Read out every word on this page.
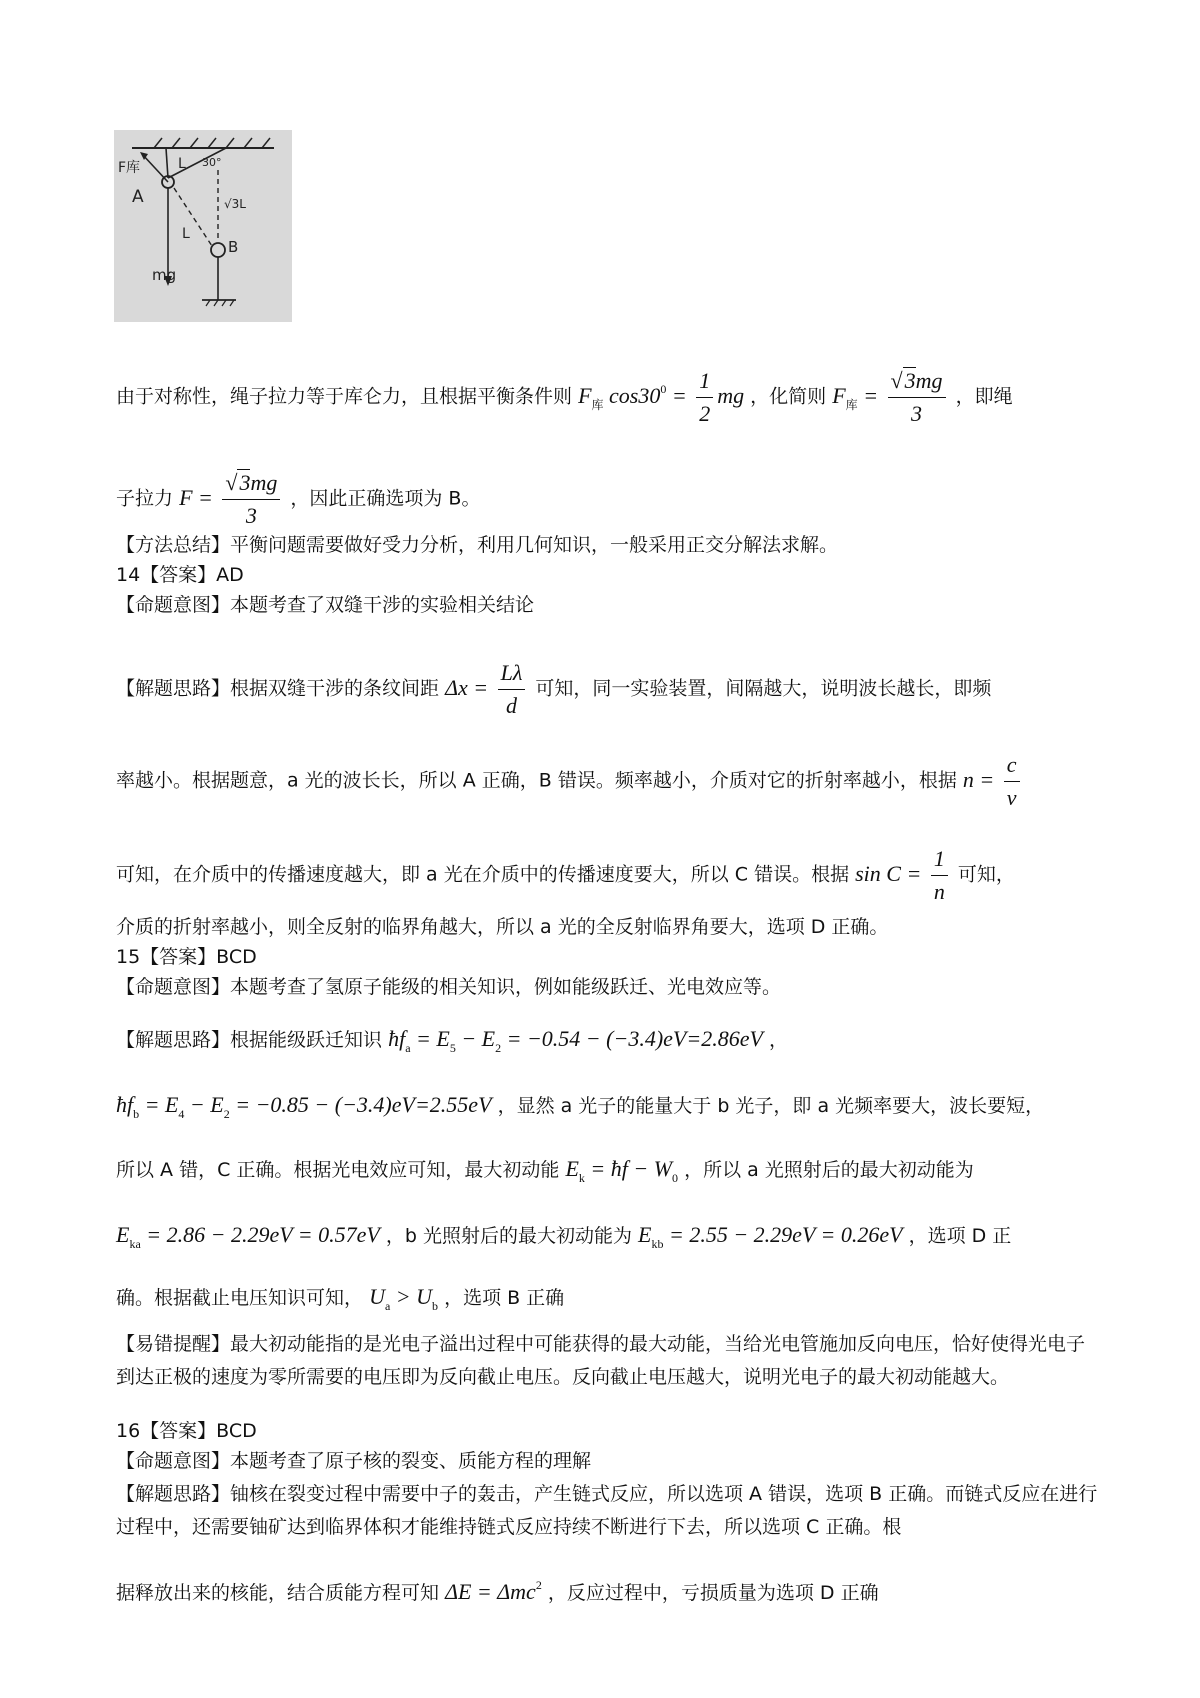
F库	L 30°
√3L
A
L
B
mg
由于对称性，绳子拉力等于库仑力，且根据平衡条件则 $F_库$ $\cos 30^0 = \frac{1}{2}$ mg ，化简则 $F_库 = \frac{√3mg}{3}$ ，即绳
子拉力 $F = \frac{√3mg}{3}$ ，因此正确选项为 B。
【方法总结】平衡问题需要做好受力分析，利用几何知识，一般采用正交分解法求解。
14【答案】AD
【命题意图】本题考查了双缝干涉的实验相关结论
【解题思路】根据双缝干涉的条纹间距 $\Delta x = \frac{L\lambda}{d}$ 可知，同一实验装置，间隔越大，说明波长越长，即频
率越小。根据题意，a 光的波长长，所以 A 正确，B 错误。频率越小，介质对它的折射率越小，根据 $n = \frac{c}{v}$
可知，在介质中的传播速度越大，即 a 光在介质中的传播速度要大，所以 C 错误。根据 $\sin C = \frac{1}{n}$ 可知，
介质的折射率越小，则全反射的临界角越大，所以 a 光的全反射临界角要大，选项 D 正确。
15【答案】BCD
【命题意图】本题考查了氢原子能级的相关知识，例如能级跃迁、光电效应等。
【解题思路】根据能级跃迁知识 $ħf_a = E_5 - E_2 = -0.54 - (-3.4)eV=2.86eV$ ，
$ħf_b = E_4 - E_2 = -0.85 - (-3.4)eV=2.55eV$ ，显然 a 光子的能量大于 b 光子，即 a 光频率要大，波长要短，
所以 A 错，C 正确。根据光电效应可知，最大初动能 $E_k$ = ħf − $W_0$ ，所以 a 光照射后的最大初动能为
$E_{ka} = 2.86 - 2.29eV = 0.57eV$ ，b 光照射后的最大初动能为 $E_{kb} = 2.55 - 2.29eV = 0.26eV$ ，选项 D 正
确。根据截止电压知识可知， $U_a > U_b$ ，选项 B 正确
【易错提醒】最大初动能指的是光电子溢出过程中可能获得的最大动能，当给光电管施加反向电压，恰好使得光电子到达正极的速度为零所需要的电压即为反向截止电压。反向截止电压越大，说明光电子的最大初动能越大。
16【答案】BCD
【命题意图】本题考查了原子核的裂变、质能方程的理解
【解题思路】铀核在裂变过程中需要中子的轰击，产生链式反应，所以选项 A 错误，选项 B 正确。而链式反应在进行过程中，还需要铀矿达到临界体积才能维持链式反应持续不断进行下去，所以选项 C 正确。根
据释放出来的核能，结合质能方程可知 ΔE = Δmc$^2$ ，反应过程中，亏损质量为选项 D 正确
